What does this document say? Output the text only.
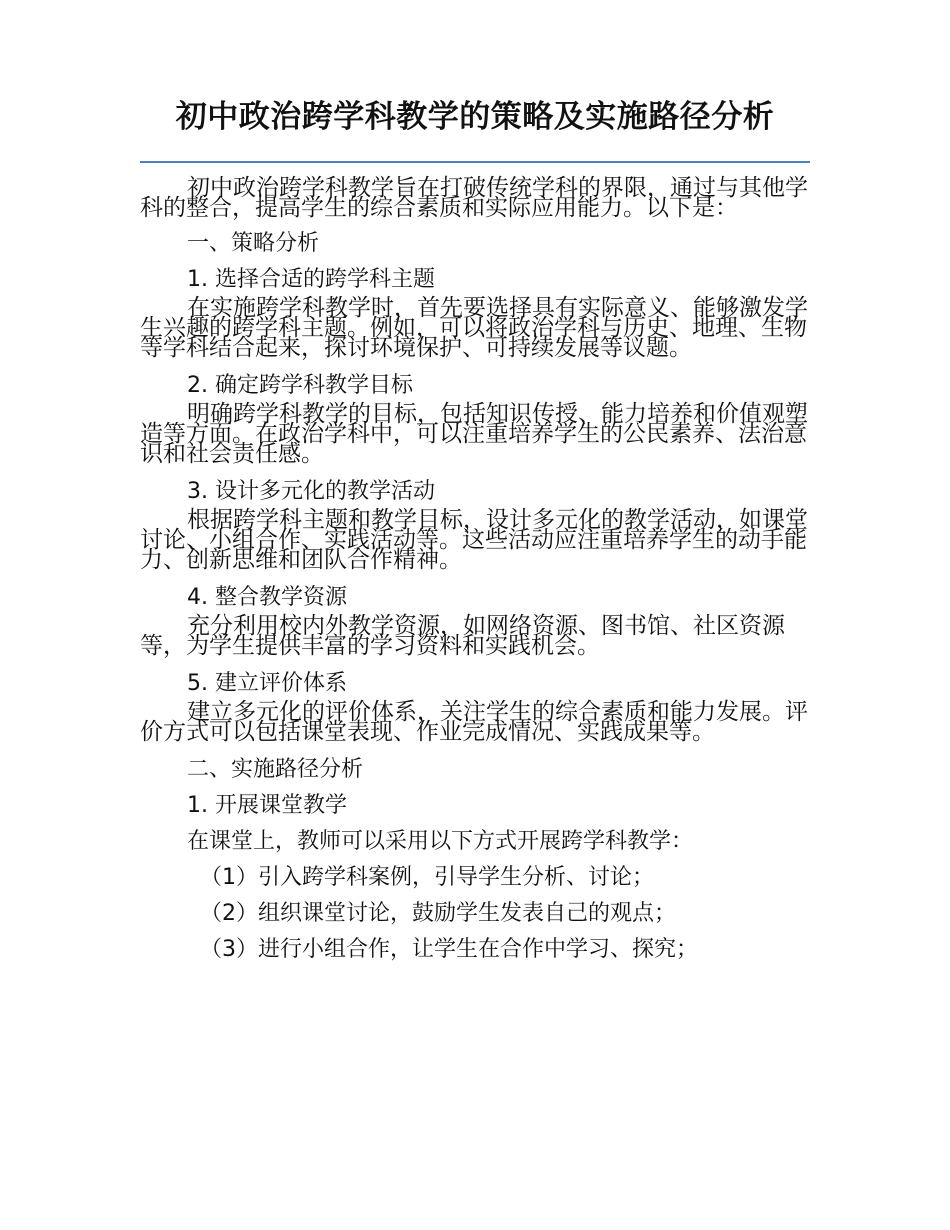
初中政治跨学科教学的策略及实施路径分析

初中政治跨学科教学旨在打破传统学科的界限，通过与其他学科的整合，提高学生的综合素质和实际应用能力。以下是：

一、策略分析

1. 选择合适的跨学科主题

在实施跨学科教学时，首先要选择具有实际意义、能够激发学生兴趣的跨学科主题。例如，可以将政治学科与历史、地理、生物等学科结合起来，探讨环境保护、可持续发展等议题。

2. 确定跨学科教学目标

明确跨学科教学的目标，包括知识传授、能力培养和价值观塑造等方面。在政治学科中，可以注重培养学生的公民素养、法治意识和社会责任感。

3. 设计多元化的教学活动

根据跨学科主题和教学目标，设计多元化的教学活动，如课堂讨论、小组合作、实践活动等。这些活动应注重培养学生的动手能力、创新思维和团队合作精神。

4. 整合教学资源

充分利用校内外教学资源，如网络资源、图书馆、社区资源等，为学生提供丰富的学习资料和实践机会。

5. 建立评价体系

建立多元化的评价体系，关注学生的综合素质和能力发展。评价方式可以包括课堂表现、作业完成情况、实践成果等。

二、实施路径分析

1. 开展课堂教学

在课堂上，教师可以采用以下方式开展跨学科教学：

（1）引入跨学科案例，引导学生分析、讨论；

（2）组织课堂讨论，鼓励学生发表自己的观点；

（3）进行小组合作，让学生在合作中学习、探究；
